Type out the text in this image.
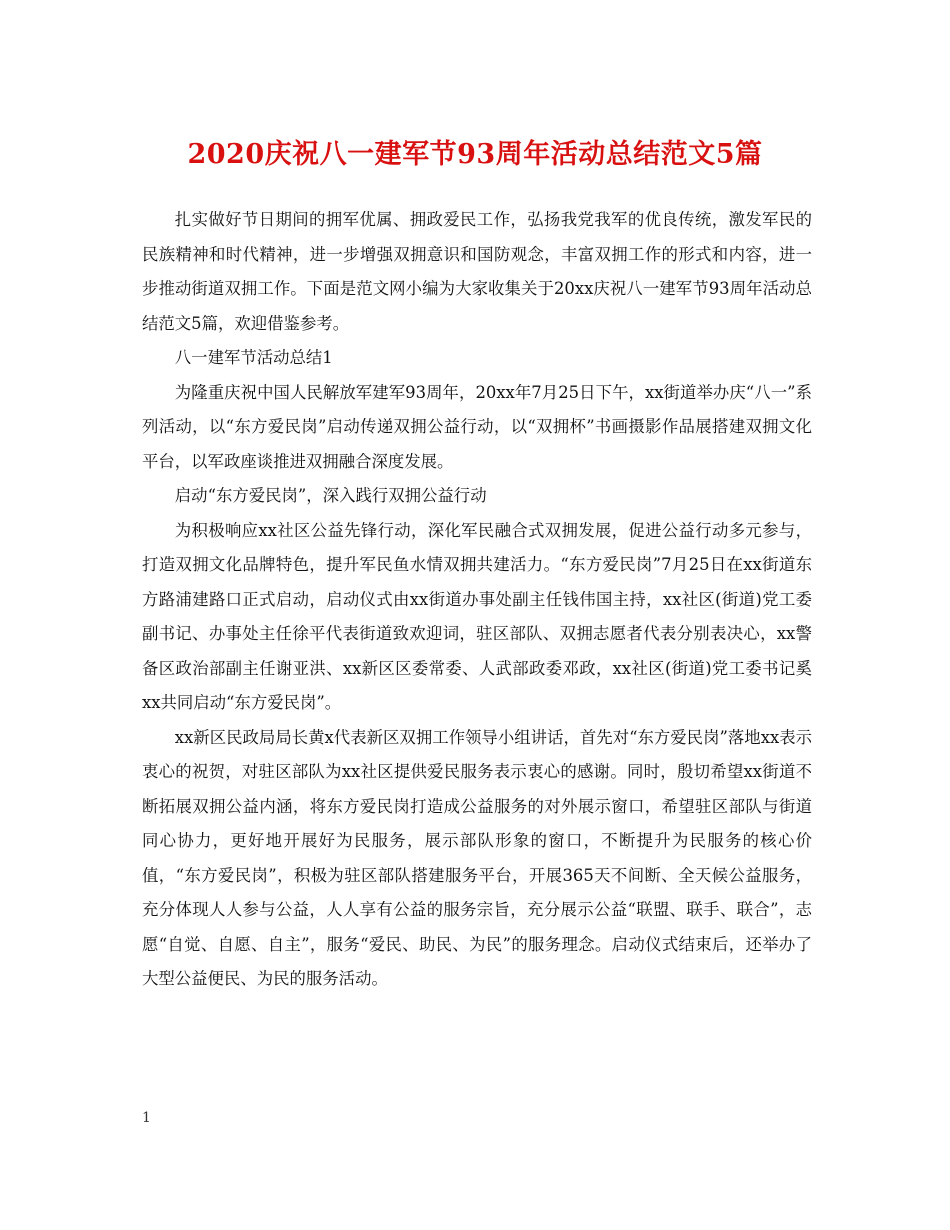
2020庆祝八一建军节93周年活动总结范文5篇

扎实做好节日期间的拥军优属、拥政爱民工作，弘扬我党我军的优良传统，激发军民的民族精神和时代精神，进一步增强双拥意识和国防观念，丰富双拥工作的形式和内容，进一步推动街道双拥工作。下面是范文网小编为大家收集关于20xx庆祝八一建军节93周年活动总结范文5篇，欢迎借鉴参考。

八一建军节活动总结1

为隆重庆祝中国人民解放军建军93周年，20xx年7月25日下午，xx街道举办庆“八一”系列活动，以“东方爱民岗”启动传递双拥公益行动，以“双拥杯”书画摄影作品展搭建双拥文化平台，以军政座谈推进双拥融合深度发展。

启动“东方爱民岗”，深入践行双拥公益行动

为积极响应xx社区公益先锋行动，深化军民融合式双拥发展，促进公益行动多元参与，打造双拥文化品牌特色，提升军民鱼水情双拥共建活力。“东方爱民岗”7月25日在xx街道东方路浦建路口正式启动，启动仪式由xx街道办事处副主任钱伟国主持，xx社区(街道)党工委副书记、办事处主任徐平代表街道致欢迎词，驻区部队、双拥志愿者代表分别表决心，xx警备区政治部副主任谢亚洪、xx新区区委常委、人武部政委邓政，xx社区(街道)党工委书记奚xx共同启动“东方爱民岗”。

xx新区民政局局长黄x代表新区双拥工作领导小组讲话，首先对“东方爱民岗”落地xx表示衷心的祝贺，对驻区部队为xx社区提供爱民服务表示衷心的感谢。同时，殷切希望xx街道不断拓展双拥公益内涵，将东方爱民岗打造成公益服务的对外展示窗口，希望驻区部队与街道同心协力，更好地开展好为民服务，展示部队形象的窗口，不断提升为民服务的核心价值，“东方爱民岗”，积极为驻区部队搭建服务平台，开展365天不间断、全天候公益服务，充分体现人人参与公益，人人享有公益的服务宗旨，充分展示公益“联盟、联手、联合”，志愿“自觉、自愿、自主”，服务“爱民、助民、为民”的服务理念。启动仪式结束后，还举办了大型公益便民、为民的服务活动。

1
